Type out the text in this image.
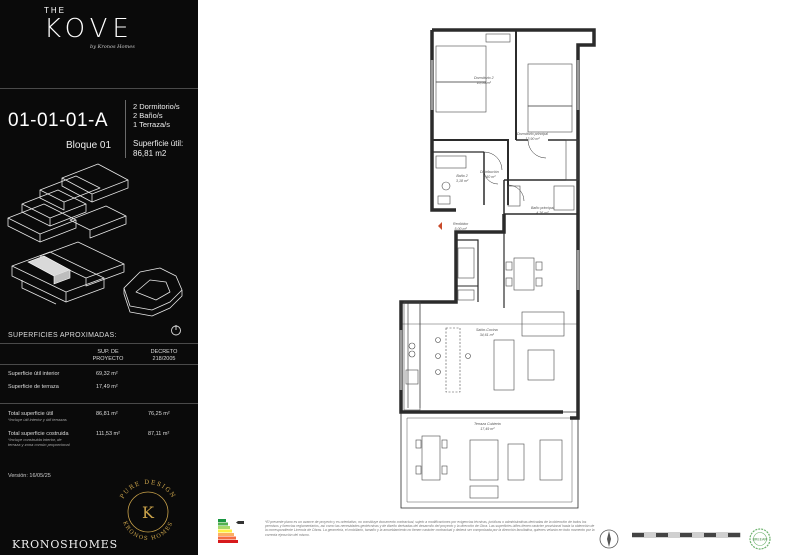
THE
KOVE
by Kronos Homes
01-01-01-A
Bloque 01
2 Dormitorio/s
2 Baño/s
1 Terraza/s
Superficie útil:
86,81 m2
SUPERFICIES APROXIMADAS:
SUP. DE
PROYECTO
DECRETO
218/2005
Superficie útil interior	69,32 m²
Superficie de terraza	17,49 m²
Total superficie útil
*Incluye útil interior y útil terrazas
86,81 m²	76,25 m²
Total superficie costruida
*Incluye construida interior, de terraza y zona común proporcional
111,53 m²	87,11 m²
Versión: 16/05/25
PURE DESIGN
KRONOS HOMES
K
KRONOSHOMES
Dormitorio 2
10,06 m²
Dormitorio principal
13,90 m²
Distribución
2,60 m²
Baño 2
3,18 m²
Baño principal
4,36 m²
Recibidor
5,00 m²
Salón-Cocina
34,61 m²
Terraza Cubierta
17,49 m²
*El presente plano es un avance de proyecto y es orientativo, no constituye documento contractual, sujeto a modificaciones por exigencias técnicas, jurídicas o administrativas derivadas de la obtención de todos los permisos y licencias reglamentarios, así como las necesidades geotécnicas y de diseño derivadas del desarrollo del proyecto y la dirección de Obra. Las superficies útiles tienen carácter provisional hasta la obtención de la correspondiente Licencia de Obras. La geometría, el mobiliario, tamaño y la amueblamiento no tienen carácter contractual y deberá ser comprobada por la dirección facultativa, quienes velarán en todo momento por la correcta ejecución del mismo.
BREEAM
